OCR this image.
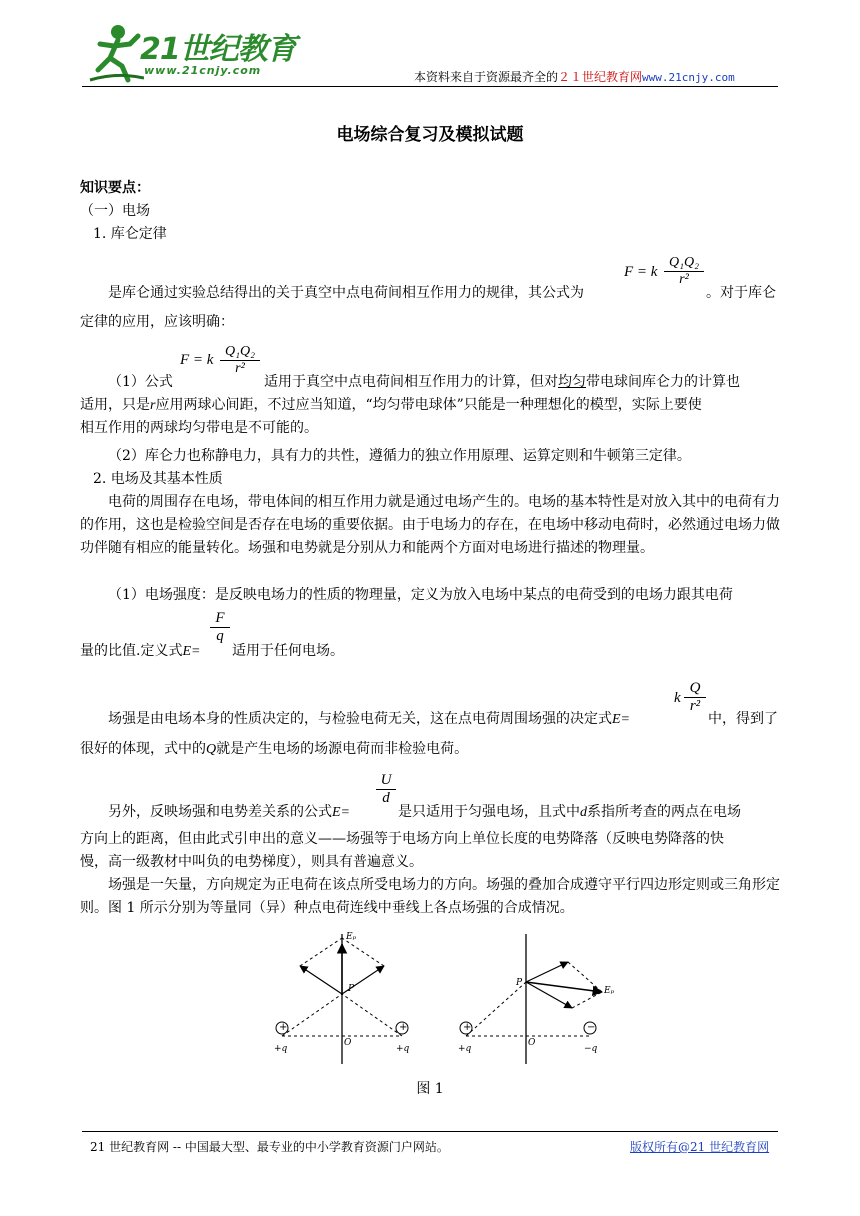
21世纪教育
www.21cnjy.com	本资料来自于资源最齐全的２１世纪教育网www.21cnjy.com
电场综合复习及模拟试题
知识要点：
（一）电场
1. 库仑定律
F = k $\frac{\text{Q₁Q₂}}{\text{r²}}$
是库仑通过实验总结得出的关于真空中点电荷间相互作用力的规律，其公式为	。对于库仑
定律的应用，应该明确：
F = k $\frac{\text{Q₁Q₂}}{\text{r²}}$
（1）公式	适用于真空中点电荷间相互作用力的计算，但对均匀带电球间库仑力的计算也
适用，只是r应用两球心间距，不过应当知道，“均匀带电球体”只能是一种理想化的模型，实际上要使
相互作用的两球均匀带电是不可能的。
（2）库仑力也称静电力，具有力的共性，遵循力的独立作用原理、运算定则和牛顿第三定律。
2. 电场及其基本性质
电荷的周围存在电场，带电体间的相互作用力就是通过电场产生的。电场的基本特性是对放入其中的电荷有力的作用，这也是检验空间是否存在电场的重要依据。由于电场力的存在，在电场中移动电荷时，必然通过电场力做功伴随有相应的能量转化。场强和电势就是分别从力和能两个方面对电场进行描述的物理量。
（1）电场强度：是反映电场力的性质的物理量，定义为放入电场中某点的电荷受到的电场力跟其电荷
$\frac{F}{q}$
量的比值.定义式E= 适用于任何电场。
场强是由电场本身的性质决定的，与检验电荷无关，这在点电荷周围场强的决定式E=
k $\frac{Q}{\text{r²}}$
中，得到了
很好的体现，式中的Q就是产生电场的场源电荷而非检验电荷。
$\frac{U}{d}$
另外，反映场强和电势差关系的公式E=	是只适用于匀强电场，且式中d系指所考查的两点在电场
方向上的距离，但由此式引申出的意义——场强等于电场方向上单位长度的电势降落（反映电势降落的快
慢，高一级教材中叫负的电势梯度），则具有普遍意义。
场强是一矢量，方向规定为正电荷在该点所受电场力的方向。场强的叠加合成遵守平行四边形定则或三角形定则。图 1 所示分别为等量同（异）种点电荷连线中垂线上各点场强的合成情况。
Eₚ
P
O
+	+
+q	+q
P
Eₚ
O
+	−
+q	−q
图 1
21 世纪教育网 -- 中国最大型、最专业的中小学教育资源门户网站。	版权所有@21 世纪教育网
